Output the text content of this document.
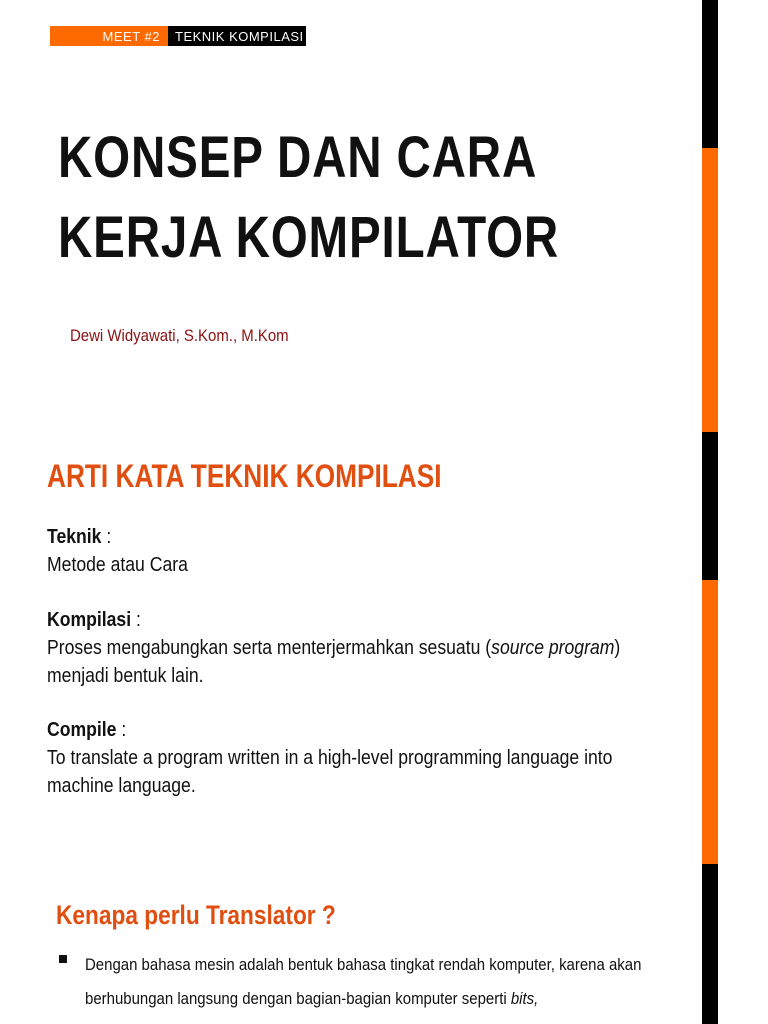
MEET #2	TEKNIK KOMPILASI
KONSEP DAN CARA
KERJA KOMPILATOR
Dewi Widyawati, S.Kom., M.Kom
ARTI KATA TEKNIK KOMPILASI
Teknik :
Metode atau Cara
Kompilasi :
Proses mengabungkan serta menterjermahkan sesuatu (source program) menjadi bentuk lain.
Compile :
To translate a program written in a high-level programming language into machine language.
Kenapa perlu Translator ?
Dengan bahasa mesin adalah bentuk bahasa tingkat rendah komputer, karena akan berhubungan langsung dengan bagian-bagian komputer seperti bits,
